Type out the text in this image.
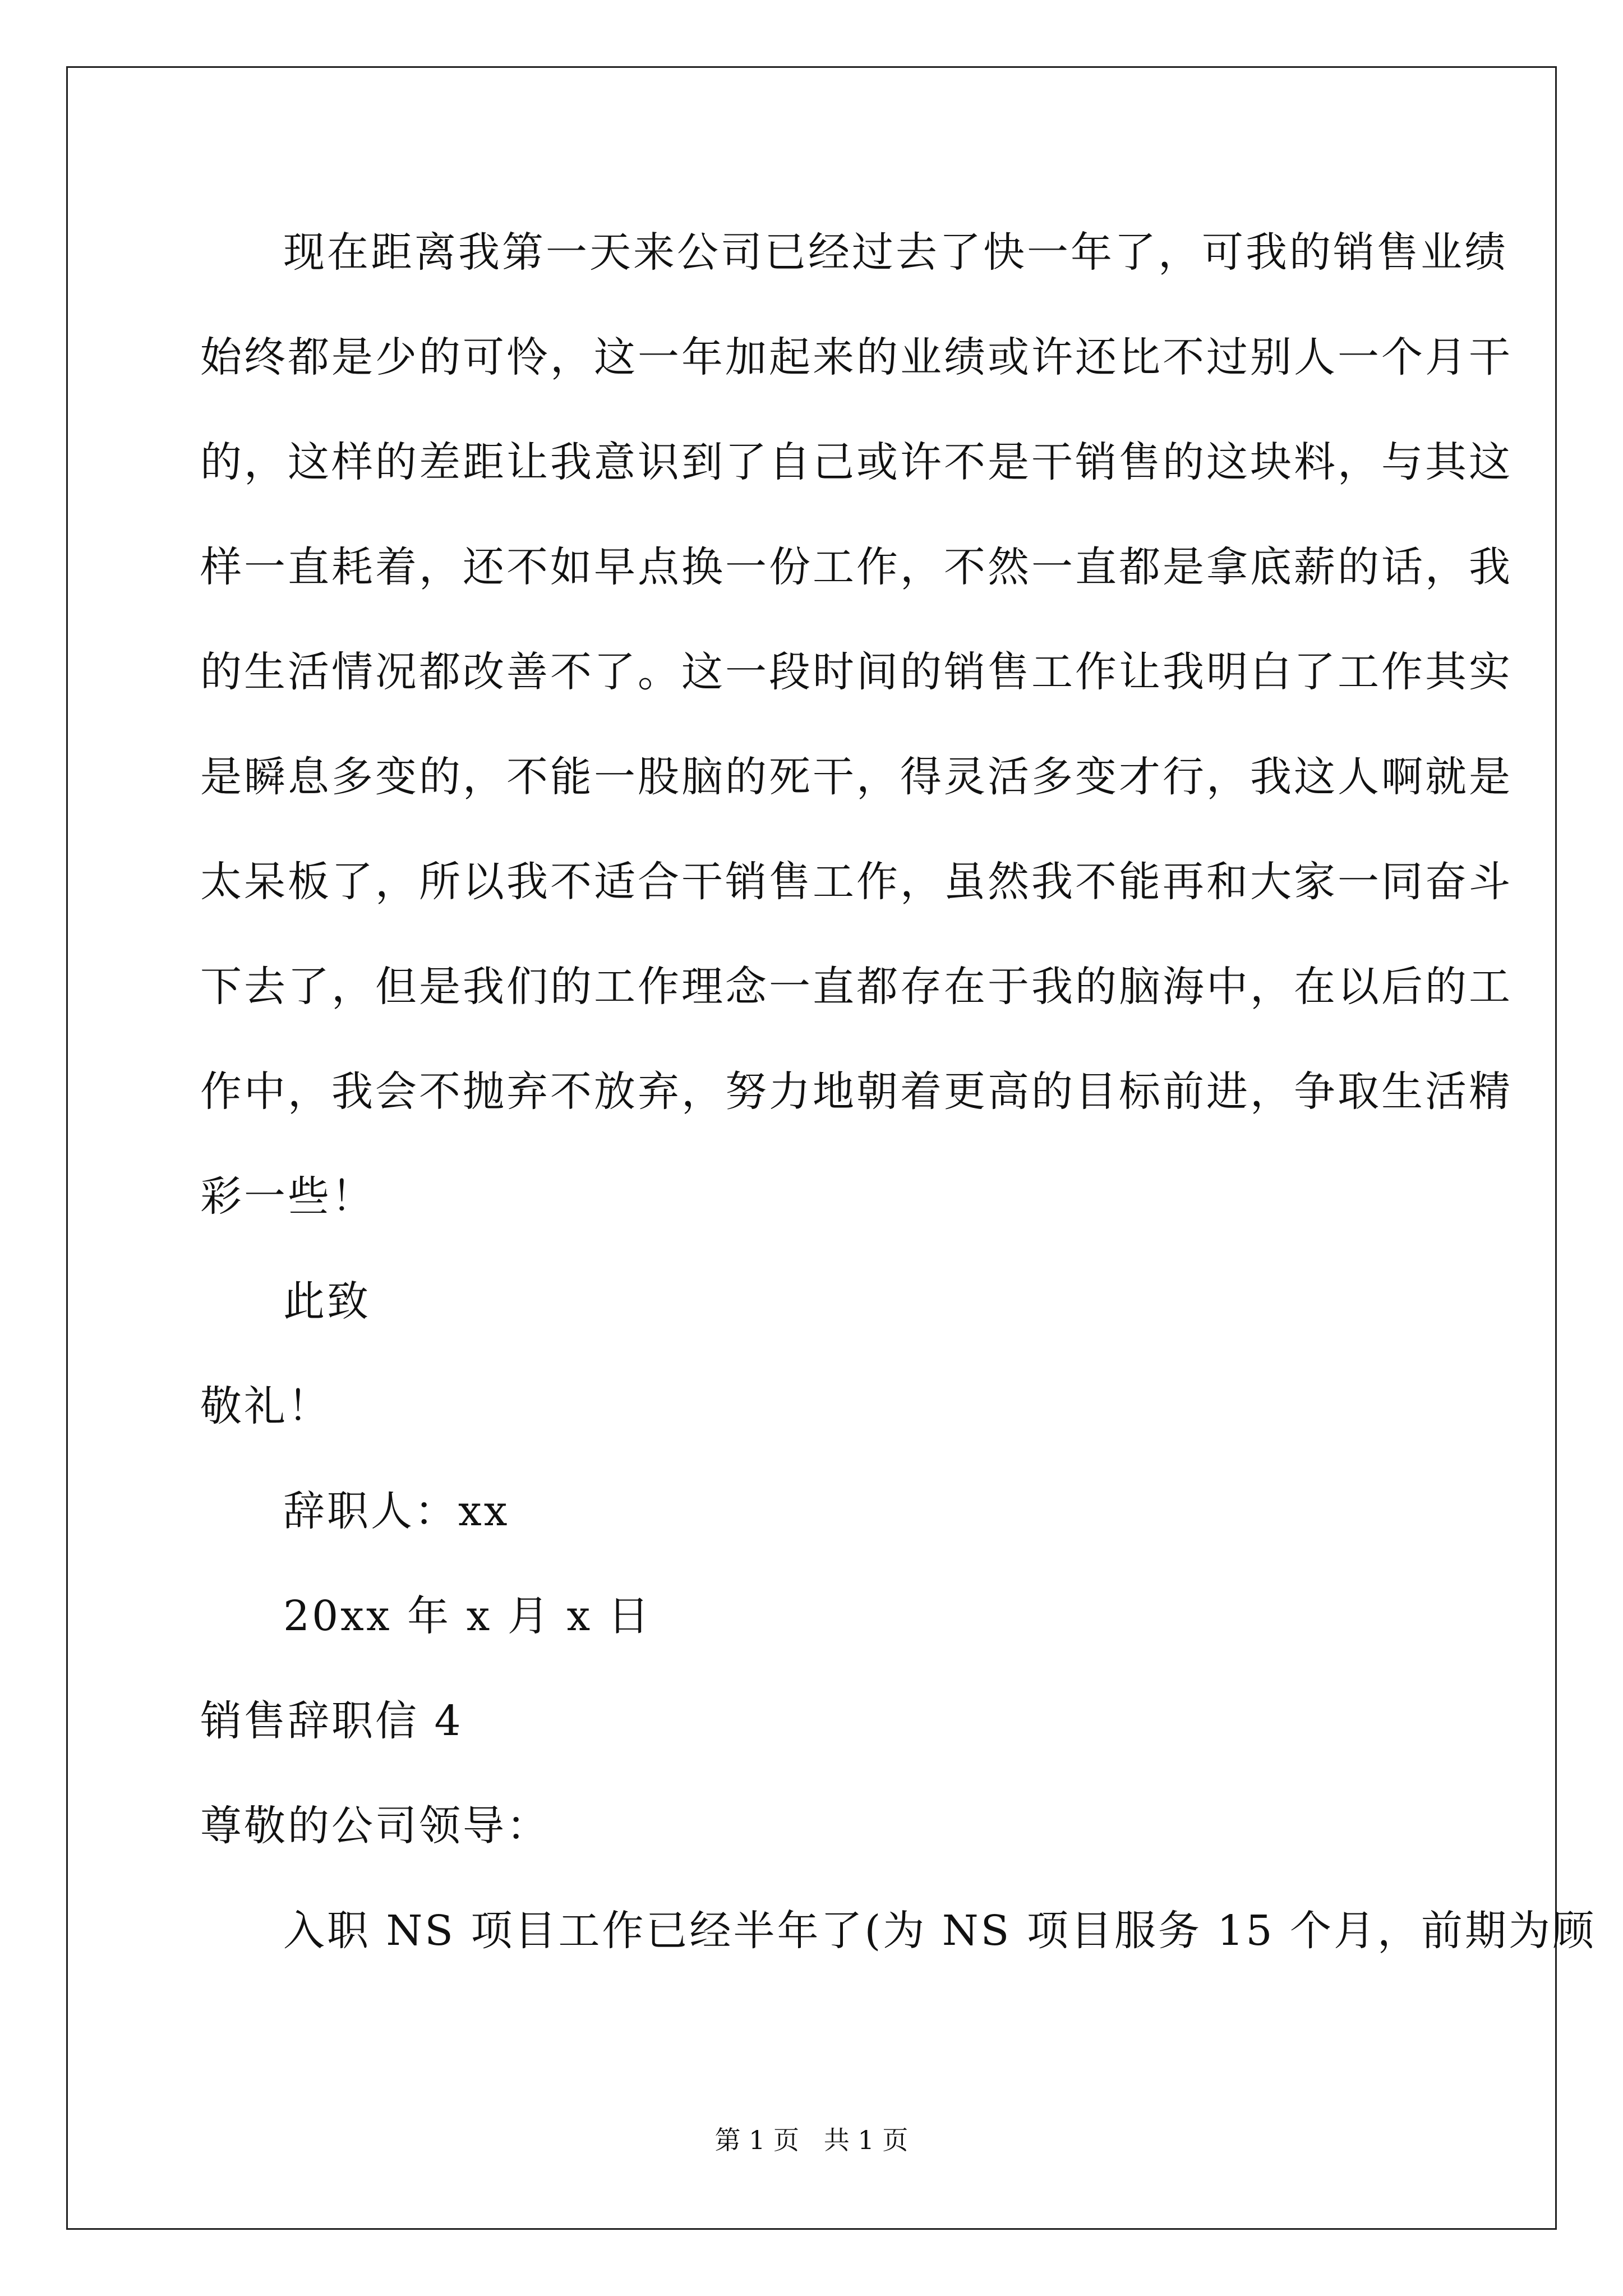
现在距离我第一天来公司已经过去了快一年了，可我的销售业绩
始终都是少的可怜，这一年加起来的业绩或许还比不过别人一个月干
的，这样的差距让我意识到了自己或许不是干销售的这块料，与其这
样一直耗着，还不如早点换一份工作，不然一直都是拿底薪的话，我
的生活情况都改善不了。这一段时间的销售工作让我明白了工作其实
是瞬息多变的，不能一股脑的死干，得灵活多变才行，我这人啊就是
太呆板了，所以我不适合干销售工作，虽然我不能再和大家一同奋斗
下去了，但是我们的工作理念一直都存在于我的脑海中，在以后的工
作中，我会不抛弃不放弃，努力地朝着更高的目标前进，争取生活精
彩一些！
此致
敬礼！
辞职人：xx
20xx 年 x 月 x 日
销售辞职信 4
尊敬的公司领导：
入职 NS 项目工作已经半年了(为 NS 项目服务 15 个月，前期为顾
第 1 页   共 1 页
